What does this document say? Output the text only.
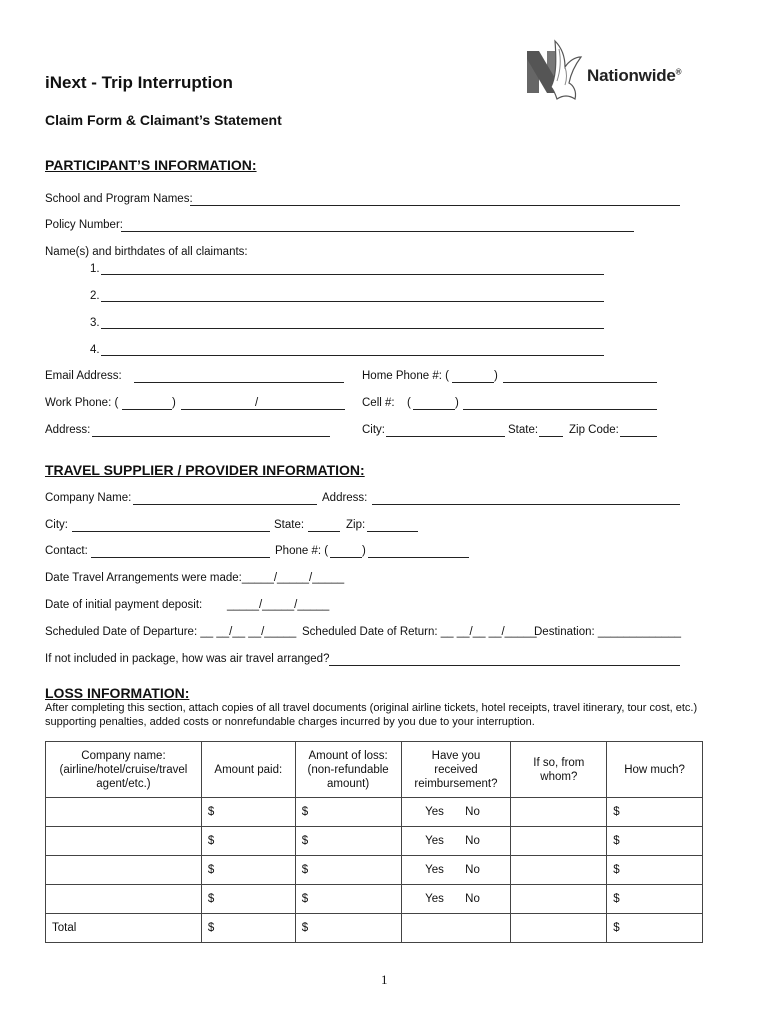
iNext - Trip Interruption
Claim Form & Claimant’s Statement
Nationwide®
PARTICIPANT’S INFORMATION:
School and Program Names:
Policy Number:
Name(s) and birthdates of all claimants:
1.
2.
3.
4.
Email Address:	Home Phone #: (	)
Work Phone: (	)	/	Cell #: (	)
Address:	City:	State:	Zip Code:
TRAVEL SUPPLIER / PROVIDER INFORMATION:
Company Name:	Address:
City:	State:	Zip:
Contact:	Phone #: (	)
Date Travel Arrangements were made:_____/_____/_____
Date of initial payment deposit: _____/_____/_____
Scheduled Date of Departure: __ __/__ __/_____ Scheduled Date of Return: __ __/__ __/_____
Destination: _____________
If not included in package, how was air travel arranged?
LOSS INFORMATION:
After completing this section, attach copies of all travel documents (original airline tickets, hotel receipts, travel itinerary, tour cost, etc.)
supporting penalties, added costs or nonrefundable charges incurred by you due to your interruption.
Company name:
(airline/hotel/cruise/travel
agent/etc.)	Amount paid:	Amount of loss:
(non-refundable
amount)	Have you
received
reimbursement?	If so, from
whom?	How much?
	$	$	Yes No		$
	$	$	Yes No		$
	$	$	Yes No		$
	$	$	Yes No		$
Total	$	$			$
1
